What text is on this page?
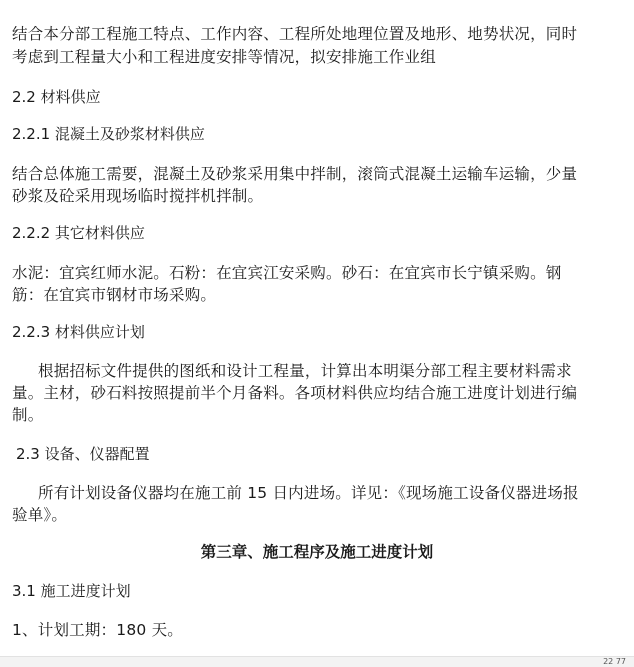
结合本分部工程施工特点、工作内容、工程所处地理位置及地形、地势状况，同时
考虑到工程量大小和工程进度安排等情况，拟安排施工作业组
2.2 材料供应
2.2.1 混凝土及砂浆材料供应
结合总体施工需要，混凝土及砂浆采用集中拌制，滚筒式混凝土运输车运输，少量
砂浆及砼采用现场临时搅拌机拌制。
2.2.2 其它材料供应
水泥：宜宾红师水泥。石粉：在宜宾江安采购。砂石：在宜宾市长宁镇采购。钢
筋：在宜宾市钢材市场采购。
2.2.3 材料供应计划
根据招标文件提供的图纸和设计工程量，计算出本明渠分部工程主要材料需求
量。主材，砂石料按照提前半个月备料。各项材料供应均结合施工进度计划进行编
制。
2.3 设备、仪器配置
所有计划设备仪器均在施工前 15 日内进场。详见：《现场施工设备仪器进场报
验单》。
第三章、施工程序及施工进度计划
3.1 施工进度计划
1、计划工期：180 天。
22 77
